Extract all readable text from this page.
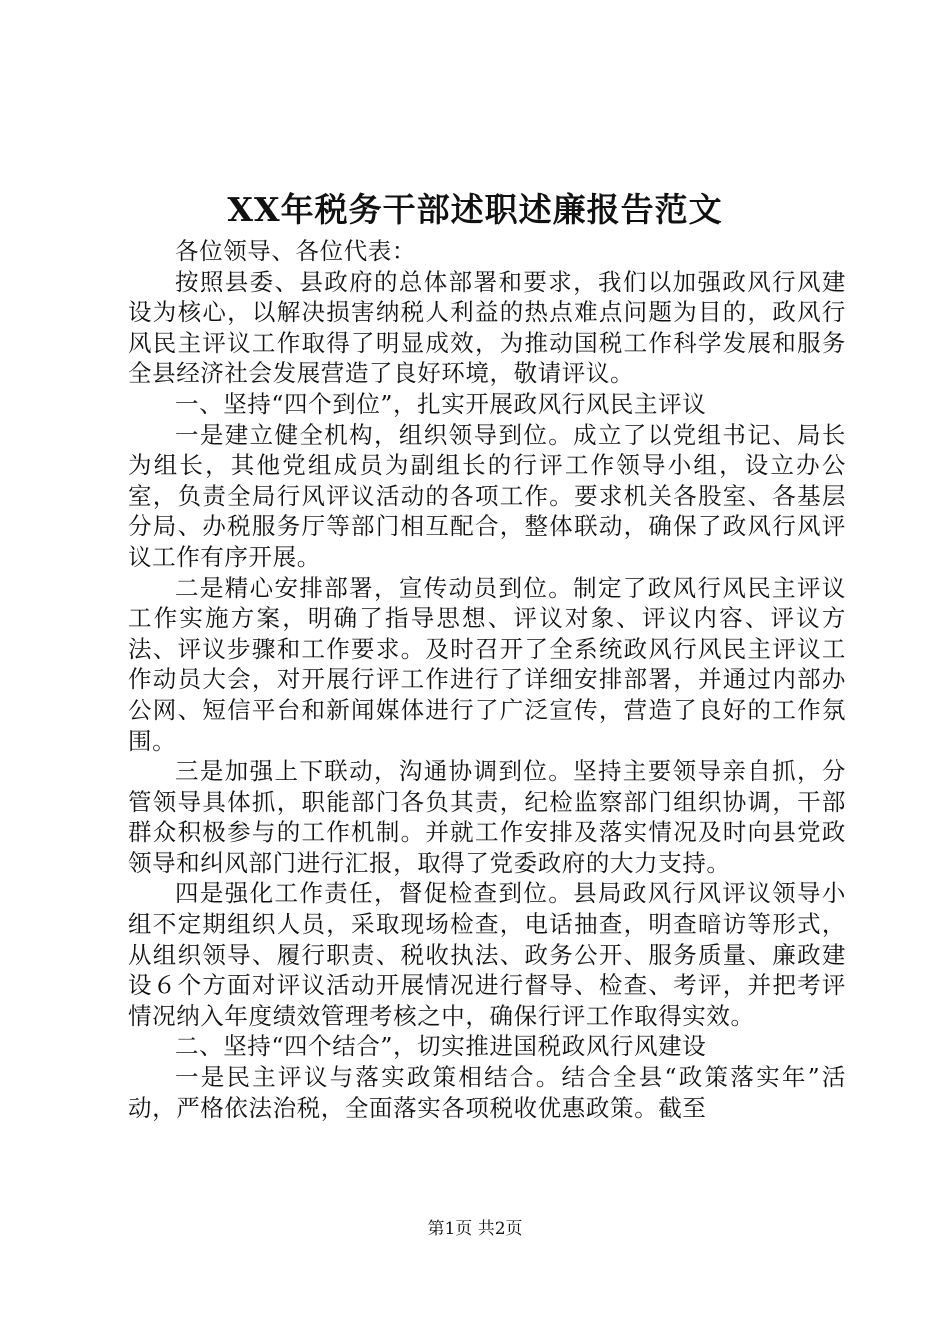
XX年税务干部述职述廉报告范文

各位领导、各位代表：

按照县委、县政府的总体部署和要求，我们以加强政风行风建设为核心，以解决损害纳税人利益的热点难点问题为目的，政风行风民主评议工作取得了明显成效，为推动国税工作科学发展和服务全县经济社会发展营造了良好环境，敬请评议。

一、坚持“四个到位”，扎实开展政风行风民主评议

一是建立健全机构，组织领导到位。成立了以党组书记、局长为组长，其他党组成员为副组长的行评工作领导小组，设立办公室，负责全局行风评议活动的各项工作。要求机关各股室、各基层分局、办税服务厅等部门相互配合，整体联动，确保了政风行风评议工作有序开展。

二是精心安排部署，宣传动员到位。制定了政风行风民主评议工作实施方案，明确了指导思想、评议对象、评议内容、评议方法、评议步骤和工作要求。及时召开了全系统政风行风民主评议工作动员大会，对开展行评工作进行了详细安排部署，并通过内部办公网、短信平台和新闻媒体进行了广泛宣传，营造了良好的工作氛围。

三是加强上下联动，沟通协调到位。坚持主要领导亲自抓，分管领导具体抓，职能部门各负其责，纪检监察部门组织协调，干部群众积极参与的工作机制。并就工作安排及落实情况及时向县党政领导和纠风部门进行汇报，取得了党委政府的大力支持。

四是强化工作责任，督促检查到位。县局政风行风评议领导小组不定期组织人员，采取现场检查，电话抽查，明查暗访等形式，从组织领导、履行职责、税收执法、政务公开、服务质量、廉政建设６个方面对评议活动开展情况进行督导、检查、考评，并把考评情况纳入年度绩效管理考核之中，确保行评工作取得实效。

二、坚持“四个结合”，切实推进国税政风行风建设

一是民主评议与落实政策相结合。结合全县“政策落实年”活动，严格依法治税，全面落实各项税收优惠政策。截至

第1页 共2页
